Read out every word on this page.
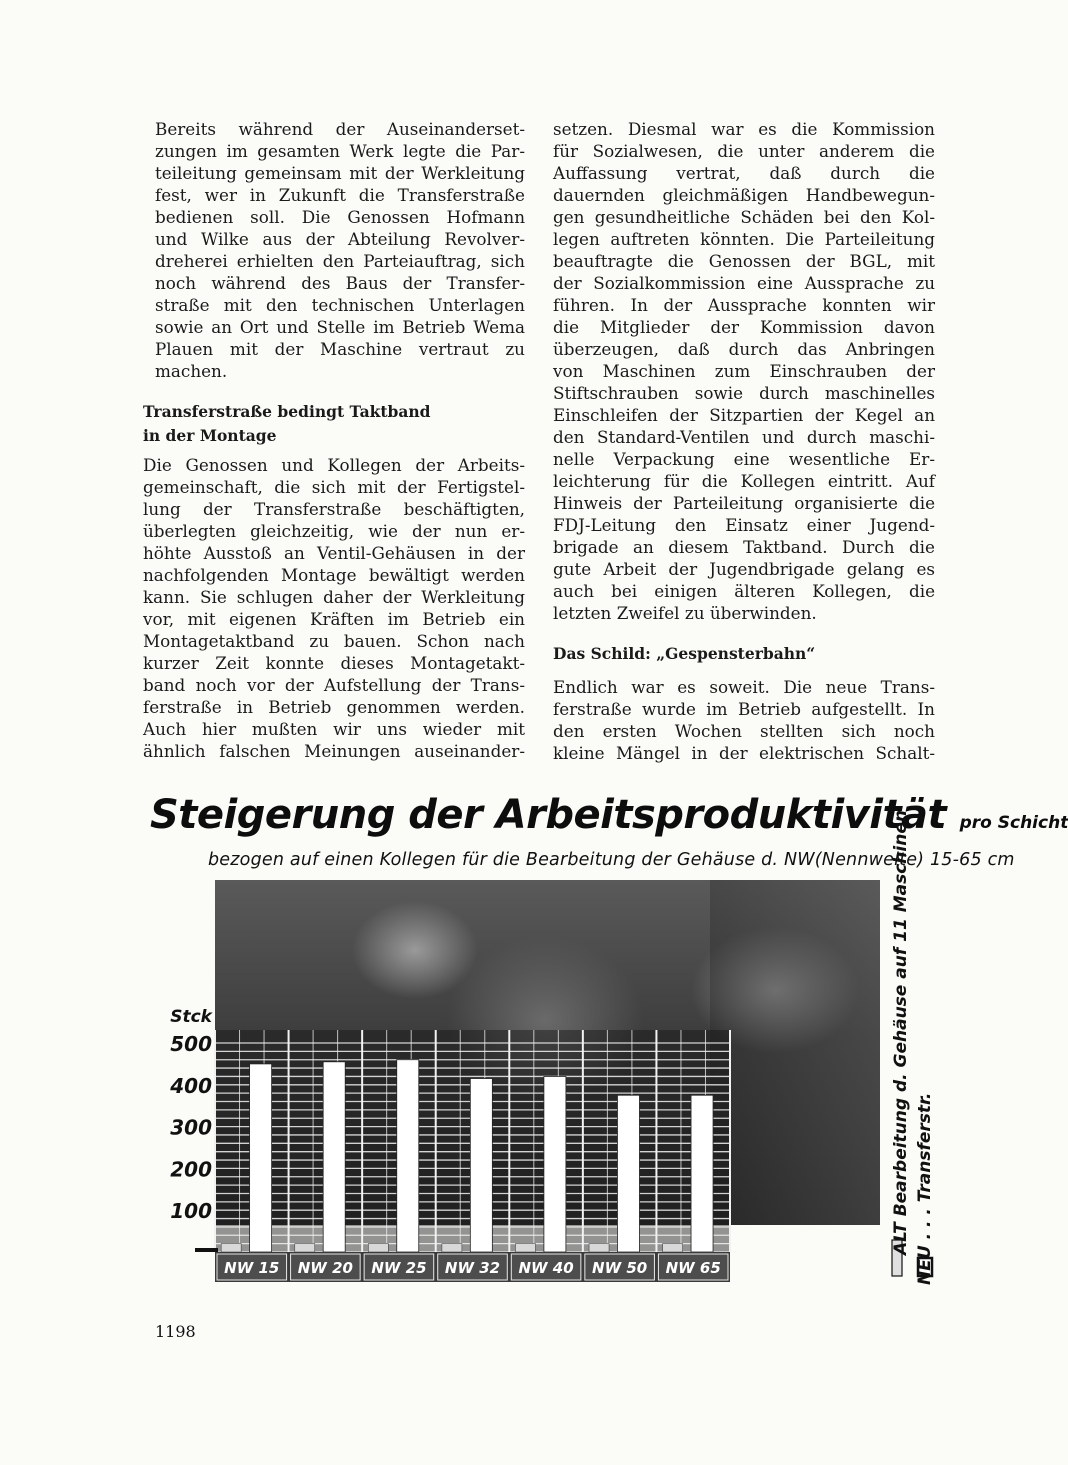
Bereits während der Auseinanderset-
zungen im gesamten Werk legte die Par-
teileitung gemeinsam mit der Werkleitung
fest, wer in Zukunft die Transferstraße
bedienen soll. Die Genossen Hofmann
und Wilke aus der Abteilung Revolver-
dreherei erhielten den Parteiauftrag, sich
noch während des Baus der Transfer-
straße mit den technischen Unterlagen
sowie an Ort und Stelle im Betrieb Wema
Plauen mit der Maschine vertraut zu
machen.

Transferstraße bedingt Taktband
in der Montage

Die Genossen und Kollegen der Arbeits-
gemeinschaft, die sich mit der Fertigstel-
lung der Transferstraße beschäftigten,
überlegten gleichzeitig, wie der nun er-
höhte Ausstoß an Ventil-Gehäusen in der
nachfolgenden Montage bewältigt werden
kann. Sie schlugen daher der Werkleitung
vor, mit eigenen Kräften im Betrieb ein
Montagetaktband zu bauen. Schon nach
kurzer Zeit konnte dieses Montagetakt-
band noch vor der Aufstellung der Trans-
ferstraße in Betrieb genommen werden.
Auch hier mußten wir uns wieder mit
ähnlich falschen Meinungen auseinander-

setzen. Diesmal war es die Kommission
für Sozialwesen, die unter anderem die
Auffassung vertrat, daß durch die
dauernden gleichmäßigen Handbewegun-
gen gesundheitliche Schäden bei den Kol-
legen auftreten könnten. Die Parteileitung
beauftragte die Genossen der BGL, mit
der Sozialkommission eine Aussprache zu
führen. In der Aussprache konnten wir
die Mitglieder der Kommission davon
überzeugen, daß durch das Anbringen
von Maschinen zum Einschrauben der
Stiftschrauben sowie durch maschinelles
Einschleifen der Sitzpartien der Kegel an
den Standard-Ventilen und durch maschi-
nelle Verpackung eine wesentliche Er-
leichterung für die Kollegen eintritt. Auf
Hinweis der Parteileitung organisierte die
FDJ-Leitung den Einsatz einer Jugend-
brigade an diesem Taktband. Durch die
gute Arbeit der Jugendbrigade gelang es
auch bei einigen älteren Kollegen, die
letzten Zweifel zu überwinden.

Das Schild: „Gespensterbahn“

Endlich war es soweit. Die neue Trans-
ferstraße wurde im Betrieb aufgestellt. In
den ersten Wochen stellten sich noch
kleine Mängel in der elektrischen Schalt-

Steigerung der Arbeitsproduktivität pro Schicht
bezogen auf einen Kollegen für die Bearbeitung der Gehäuse d. NW(Nennweite) 15-65 cm
NW 15 NW 20 NW 25 NW 32 NW 40 NW 50 NW 65
500
400
300
200
100
Stck	ALT Bearbeitung d. Gehäuse auf 11 Maschinen NEU . . . Transferstr.
1198
